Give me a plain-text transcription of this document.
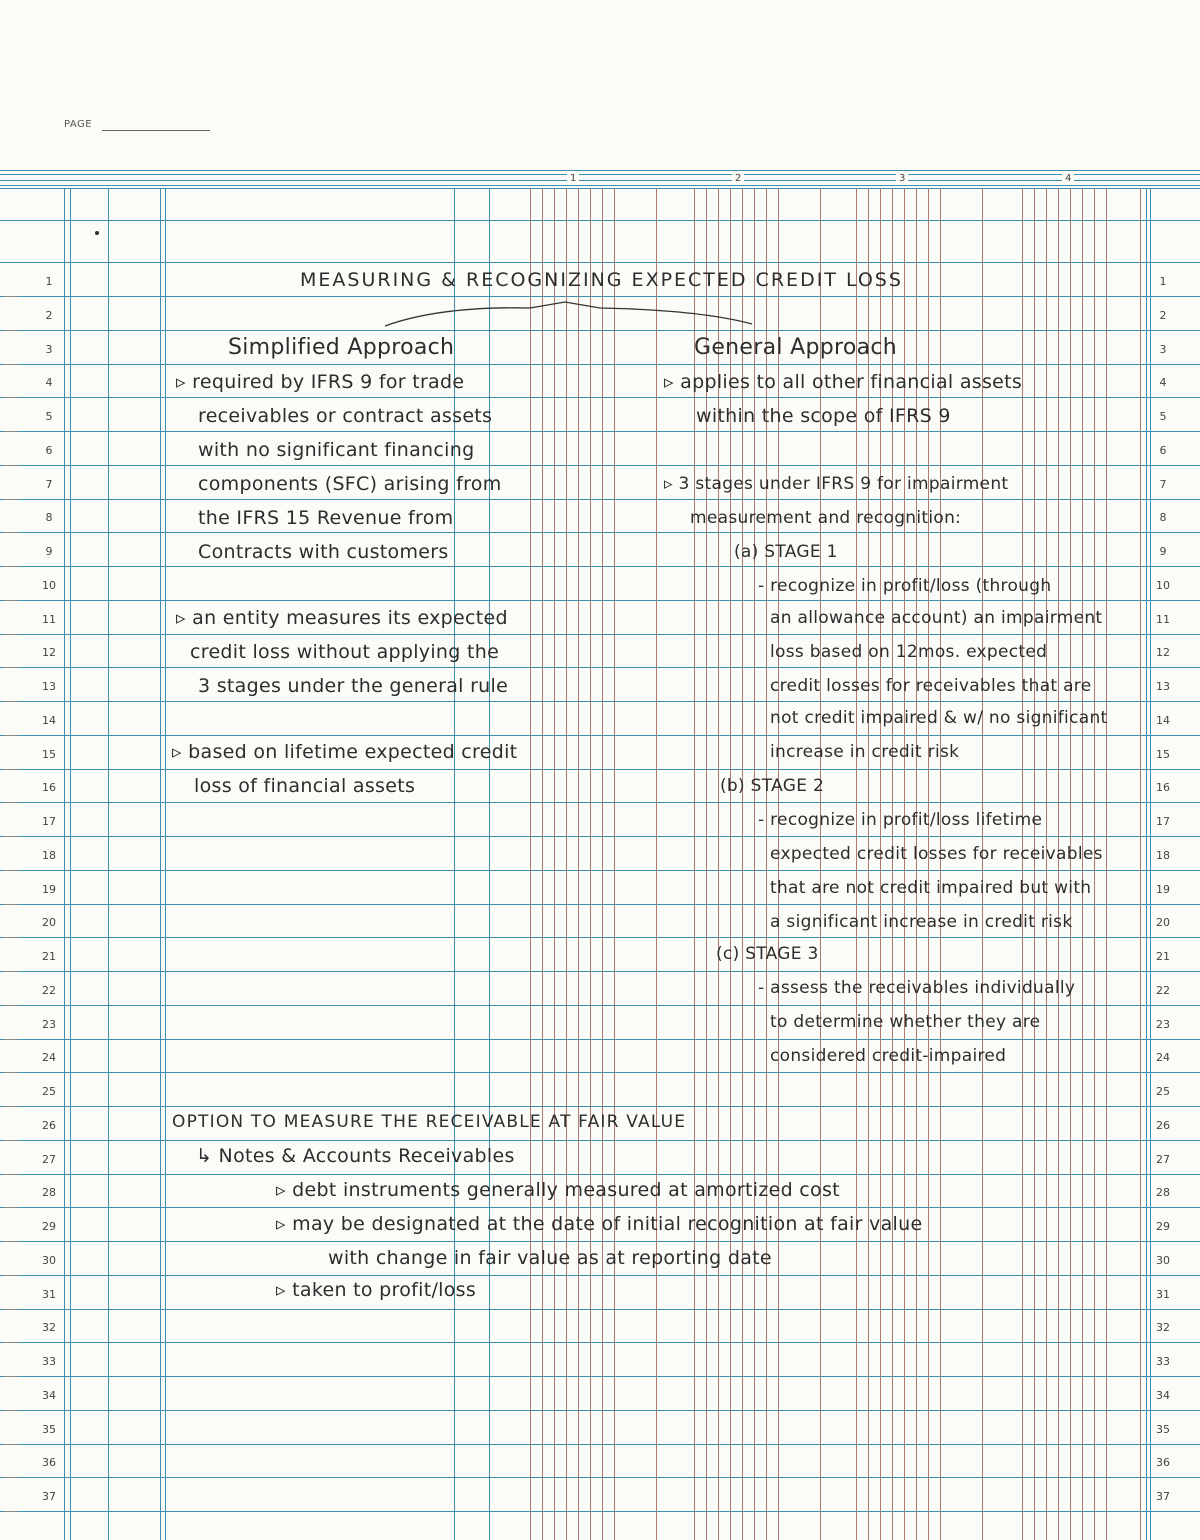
PAGE
1	2	3	4
1	1
2	2
3	3
4	4
5	5
6	6
7	7
8	8
9	9
10	10
11	11
12	12
13	13
14	14
15	15
16	16
17	17
18	18
19	19
20	20
21	21
22	22
23	23
24	24
25	25
26	26
27	27
28	28
29	29
30	30
31	31
32	32
33	33
34	34
35	35
36	36
37	37
MEASURING & RECOGNIZING EXPECTED CREDIT LOSS
Simplified Approach
▹ required by IFRS 9 for trade
receivables or contract assets
with no significant financing
components (SFC) arising from
the IFRS 15 Revenue from
Contracts with customers
▹ an entity measures its expected
credit loss without applying the
3 stages under the general rule
▹ based on lifetime expected credit
loss of financial assets
General Approach
▹ applies to all other financial assets
within the scope of IFRS 9
▹ 3 stages under IFRS 9 for impairment
measurement and recognition:
(a) STAGE 1
- recognize in profit/loss (through
an allowance account) an impairment
loss based on 12mos. expected
credit losses for receivables that are
not credit impaired & w/ no significant
increase in credit risk
(b) STAGE 2
- recognize in profit/loss lifetime
expected credit losses for receivables
that are not credit impaired but with
a significant increase in credit risk
(c) STAGE 3
- assess the receivables individually
to determine whether they are
considered credit-impaired
OPTION TO MEASURE THE RECEIVABLE AT FAIR VALUE
↳ Notes & Accounts Receivables
▹ debt instruments generally measured at amortized cost
▹ may be designated at the date of initial recognition at fair value
with change in fair value as at reporting date
▹ taken to profit/loss
